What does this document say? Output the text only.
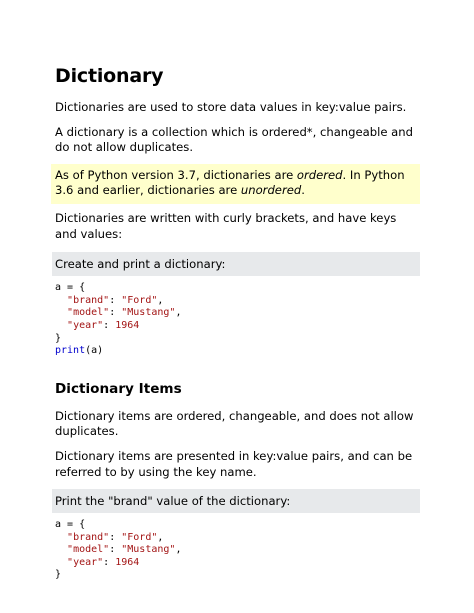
Dictionary

Dictionaries are used to store data values in key:value pairs.

A dictionary is a collection which is ordered*, changeable and do not allow duplicates.

As of Python version 3.7, dictionaries are ordered. In Python 3.6 and earlier, dictionaries are unordered.

Dictionaries are written with curly brackets, and have keys and values:

Create and print a dictionary:
a = {
"brand": "Ford",
"model": "Mustang",
"year": 1964
}
print(a)
Dictionary Items

Dictionary items are ordered, changeable, and does not allow duplicates.

Dictionary items are presented in key:value pairs, and can be referred to by using the key name.

Print the "brand" value of the dictionary:
a = {
"brand": "Ford",
"model": "Mustang",
"year": 1964
}
